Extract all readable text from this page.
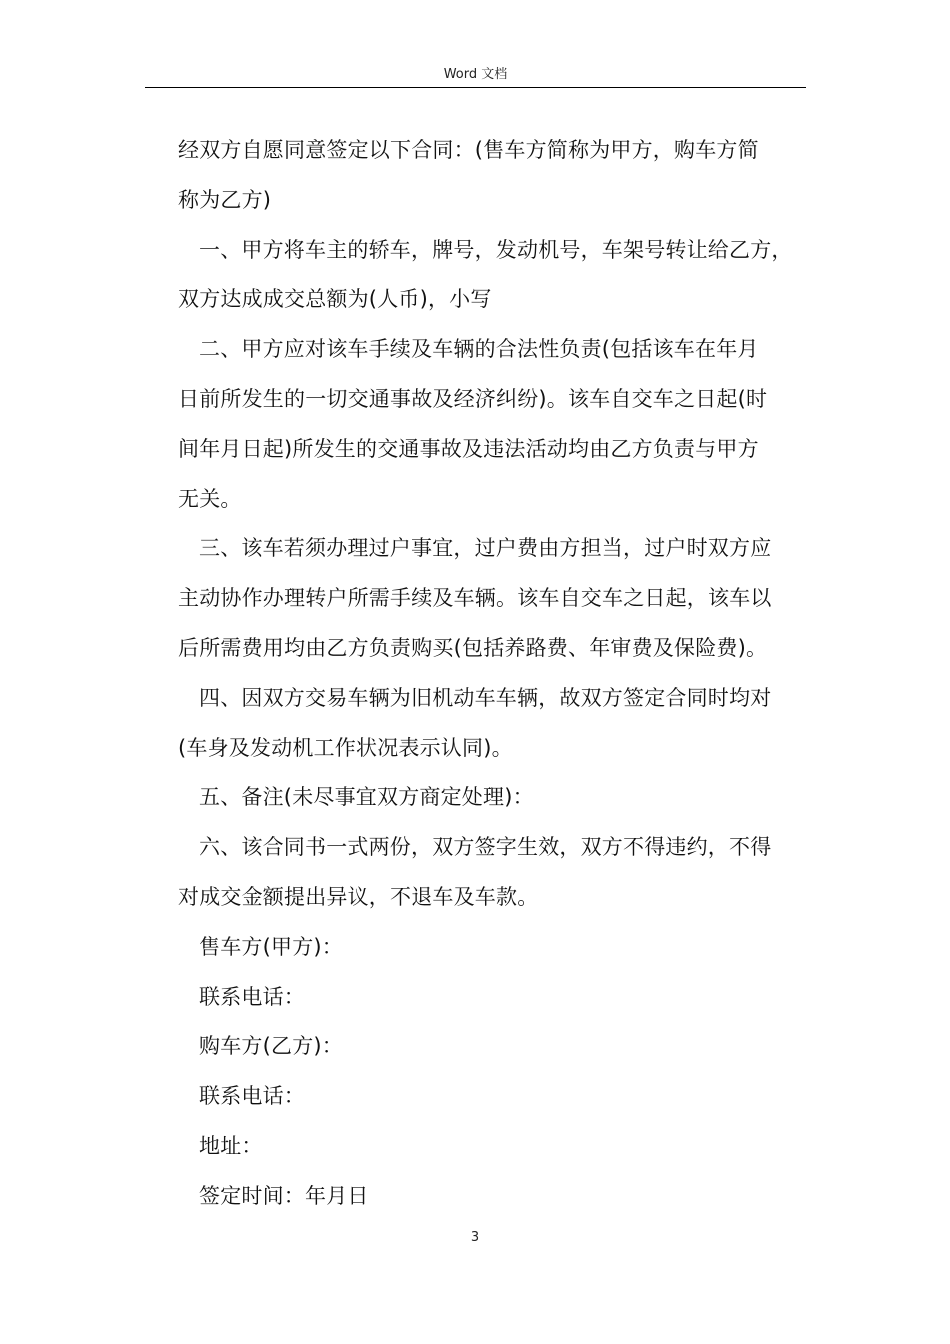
Word 文档
经双方自愿同意签定以下合同：(售车方简称为甲方，购车方简
称为乙方)
一、甲方将车主的轿车，牌号，发动机号，车架号转让给乙方，
双方达成成交总额为(人币)，小写
二、甲方应对该车手续及车辆的合法性负责(包括该车在年月
日前所发生的一切交通事故及经济纠纷)。该车自交车之日起(时
间年月日起)所发生的交通事故及违法活动均由乙方负责与甲方
无关。
三、该车若须办理过户事宜，过户费由方担当，过户时双方应
主动协作办理转户所需手续及车辆。该车自交车之日起，该车以
后所需费用均由乙方负责购买(包括养路费、年审费及保险费)。
四、因双方交易车辆为旧机动车车辆，故双方签定合同时均对
(车身及发动机工作状况表示认同)。
五、备注(未尽事宜双方商定处理)：
六、该合同书一式两份，双方签字生效，双方不得违约，不得
对成交金额提出异议，不退车及车款。
售车方(甲方)：
联系电话：
购车方(乙方)：
联系电话：
地址：
签定时间：年月日
3
